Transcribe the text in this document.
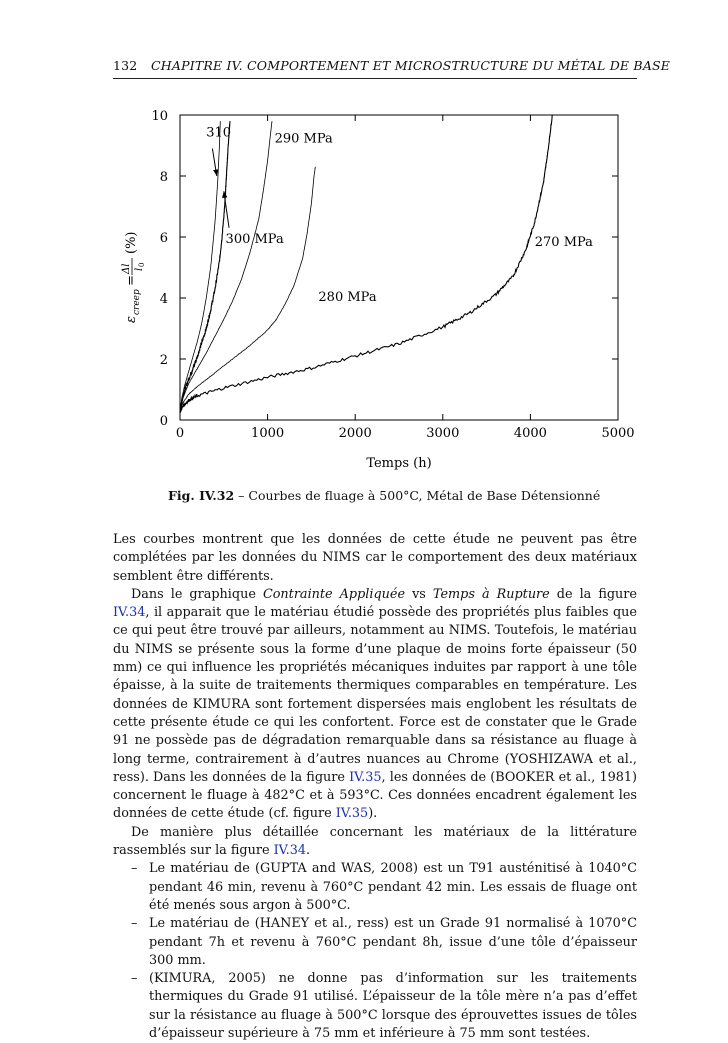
132 CHAPITRE IV. COMPORTEMENT ET MICROSTRUCTURE DU MÉTAL DE BASE
0	1000	2000	3000	4000	5000
0
2
4
6
8
10
310	290 MPa
300 MPa
280 MPa
270 MPa
Temps (h)
ε
creep
=
Δl l
0
(%)
Fig. IV.32 – Courbes de fluage à 500°C, Métal de Base Détensionné

Les courbes montrent que les données de cette étude ne peuvent pas être complétées par les données du NIMS car le comportement des deux matériaux semblent être différents.

Dans le graphique Contrainte Appliquée vs Temps à Rupture de la figure IV.34, il apparait que le matériau étudié possède des propriétés plus faibles que ce qui peut être trouvé par ailleurs, notamment au NIMS. Toutefois, le matériau du NIMS se présente sous la forme d’une plaque de moins forte épaisseur (50 mm) ce qui influence les propriétés mécaniques induites par rapport à une tôle épaisse, à la suite de traitements thermiques comparables en température. Les données de KIMURA sont fortement dispersées mais englobent les résultats de cette présente étude ce qui les confortent. Force est de constater que le Grade 91 ne possède pas de dégradation remarquable dans sa résistance au fluage à long terme, contrairement à d’autres nuances au Chrome (YOSHIZAWA et al., ress). Dans les données de la figure IV.35, les données de (BOOKER et al., 1981) concernent le fluage à 482°C et à 593°C. Ces données encadrent également les données de cette étude (cf. figure IV.35).

De manière plus détaillée concernant les matériaux de la littérature rassemblés sur la figure IV.34.

– Le matériau de (GUPTA and WAS, 2008) est un T91 austénitisé à 1040°C pendant 46 min, revenu à 760°C pendant 42 min. Les essais de fluage ont été menés sous argon à 500°C.
– Le matériau de (HANEY et al., ress) est un Grade 91 normalisé à 1070°C pendant 7h et revenu à 760°C pendant 8h, issue d’une tôle d’épaisseur 300 mm.
– (KIMURA, 2005) ne donne pas d’information sur les traitements thermiques du Grade 91 utilisé. L’épaisseur de la tôle mère n’a pas d’effet sur la résistance au fluage à 500°C lorsque des éprouvettes issues de tôles d’épaisseur supérieure à 75 mm et inférieure à 75 mm sont testées.
